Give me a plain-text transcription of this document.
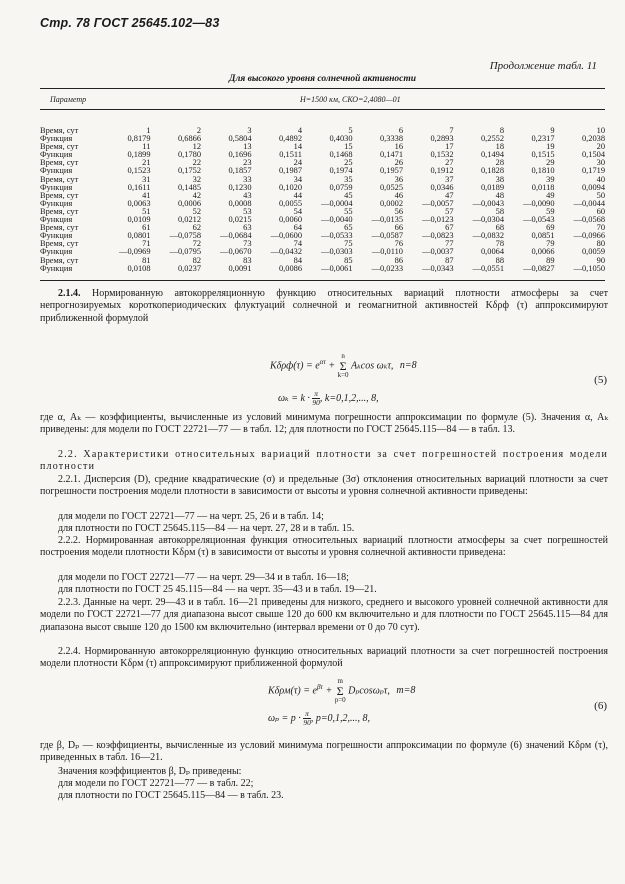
Стр. 78 ГОСТ 25645.102—83
Продолжение табл. 11
Для высокого уровня солнечной активности
Параметр	H=1500 км, СКО=2,4080—01
Время, сут	1	2	3	4	5	6	7	8	9	10
Функция	0,8179	0,6866	0,5804	0,4892	0,4030	0,3338	0,2893	0,2552	0,2317	0,2038
Время, сут	11	12	13	14	15	16	17	18	19	20
Функция	0,1899	0,1780	0,1696	0,1511	0,1468	0,1471	0,1532	0,1494	0,1515	0,1504
Время, сут	21	22	23	24	25	26	27	28	29	30
Функция	0,1523	0,1752	0,1857	0,1987	0,1974	0,1957	0,1912	0,1828	0,1810	0,1719
Время, сут	31	32	33	34	35	36	37	38	39	40
Функция	0,1611	0,1485	0,1230	0,1020	0,0759	0,0525	0,0346	0,0189	0,0118	0,0094
Время, сут	41	42	43	44	45	46	47	48	49	50
Функция	0,0063	0,0006	0,0008	0,0055	—0,0004	0,0002	—0,0057	—0,0043	—0,0090	—0,0044
Время, сут	51	52	53	54	55	56	57	58	59	60
Функция	0,0109	0,0212	0,0215	0,0060	—0,0040	—0,0135	—0,0123	—0,0304	—0,0543	—0,0568
Время, сут	61	62	63	64	65	66	67	68	69	70
Функция	0,0801	—0,0758	—0,0684	—0,0600	—0,0533	—0,0587	—0,0823	—0,0832	0,0851	—0,0966
Время, сут	71	72	73	74	75	76	77	78	79	80
Функция	—0,0969	—0,0795	—0,0670	—0,0432	—0,0303	—0,0110	—0,0037	0,0064	0,0066	0,0059
Время, сут	81	82	83	84	85	86	87	88	89	90
Функция	0,0108	0,0237	0,0091	0,0086	—0,0061	—0,0233	—0,0343	—0,0551	—0,0827	—0,1050

2.1.4. Нормированную автокорреляционную функцию относительных вариаций плотности атмосферы за счет непрогнозируемых короткопериодических флуктуаций солнечной и геомагнитной активностей Kδρф (τ) аппроксимируют приближенной формулой

$K\delta\rho ф(\tau) = e^{\alpha\tau} + n$
Σ
k=0 Aₖcos ωₖτ, n=8
$\omega_k = k \cdot \frac{\pi}{90}$ , k=0,1,2,..., 8,
(5)

где α, Aₖ — коэффициенты, вычисленные из условий минимума погрешности аппроксимации по формуле (5). Значения α, Aₖ приведены: для модели по ГОСТ 22721—77 — в табл. 12; для плотности по ГОСТ 25645.115—84 — в табл. 13.

2.2. Характеристики относительных вариаций плотности за счет погрешностей построения модели плотности

2.2.1. Дисперсия (D), средние квадратические (σ) и предельные (3σ) отклонения относительных вариаций плотности за счет погрешности построения модели плотности в зависимости от высоты и уровня солнечной активности приведены:

для модели по ГОСТ 22721—77 — на черт. 25, 26 и в табл. 14;

для плотности по ГОСТ 25645.115—84 — на черт. 27, 28 и в табл. 15.

2.2.2. Нормированная автокорреляционная функция относительных вариаций плотности атмосферы за счет погрешностей построения модели плотности Kδρм (τ) в зависимости от высоты и уровня солнечной активности приведена:

для модели по ГОСТ 22721—77 — на черт. 29—34 и в табл. 16—18;

для плотности по ГОСТ 25 45.115—84 — на черт. 35—43 и в табл. 19—21.

2.2.3. Данные на черт. 29—43 и в табл. 16—21 приведены для низкого, среднего и высокого уровней солнечной активности для модели по ГОСТ 22721—77 для диапазона высот свыше 120 до 600 км включительно и для плотности по ГОСТ 25645.115—84 для диапазона высот свыше 120 до 1500 км включительно (интервал времени от 0 до 70 сут).

2.2.4. Нормированную автокорреляционную функцию относительных вариаций плотности за счет погрешностей построения модели плотности Kδρм (τ) аппроксимируют приближенной формулой

$K\delta\rho м(\tau) = e^{\beta\tau} + m$
Σ
p=0 Dₚcosωₚτ, m=8
$\omega_p = p \cdot \frac{\pi}{90}$ , p=0,1,2,..., 8,
(6)

где β, Dₚ — коэффициенты, вычисленные из условий минимума погрешности аппроксимации по формуле (6) значений Kδρм (τ), приведенных в табл. 16—21.

Значения коэффициентов β, Dₚ приведены:

для модели по ГОСТ 22721—77 — в табл. 22;

для плотности по ГОСТ 25645.115—84 — в табл. 23.
